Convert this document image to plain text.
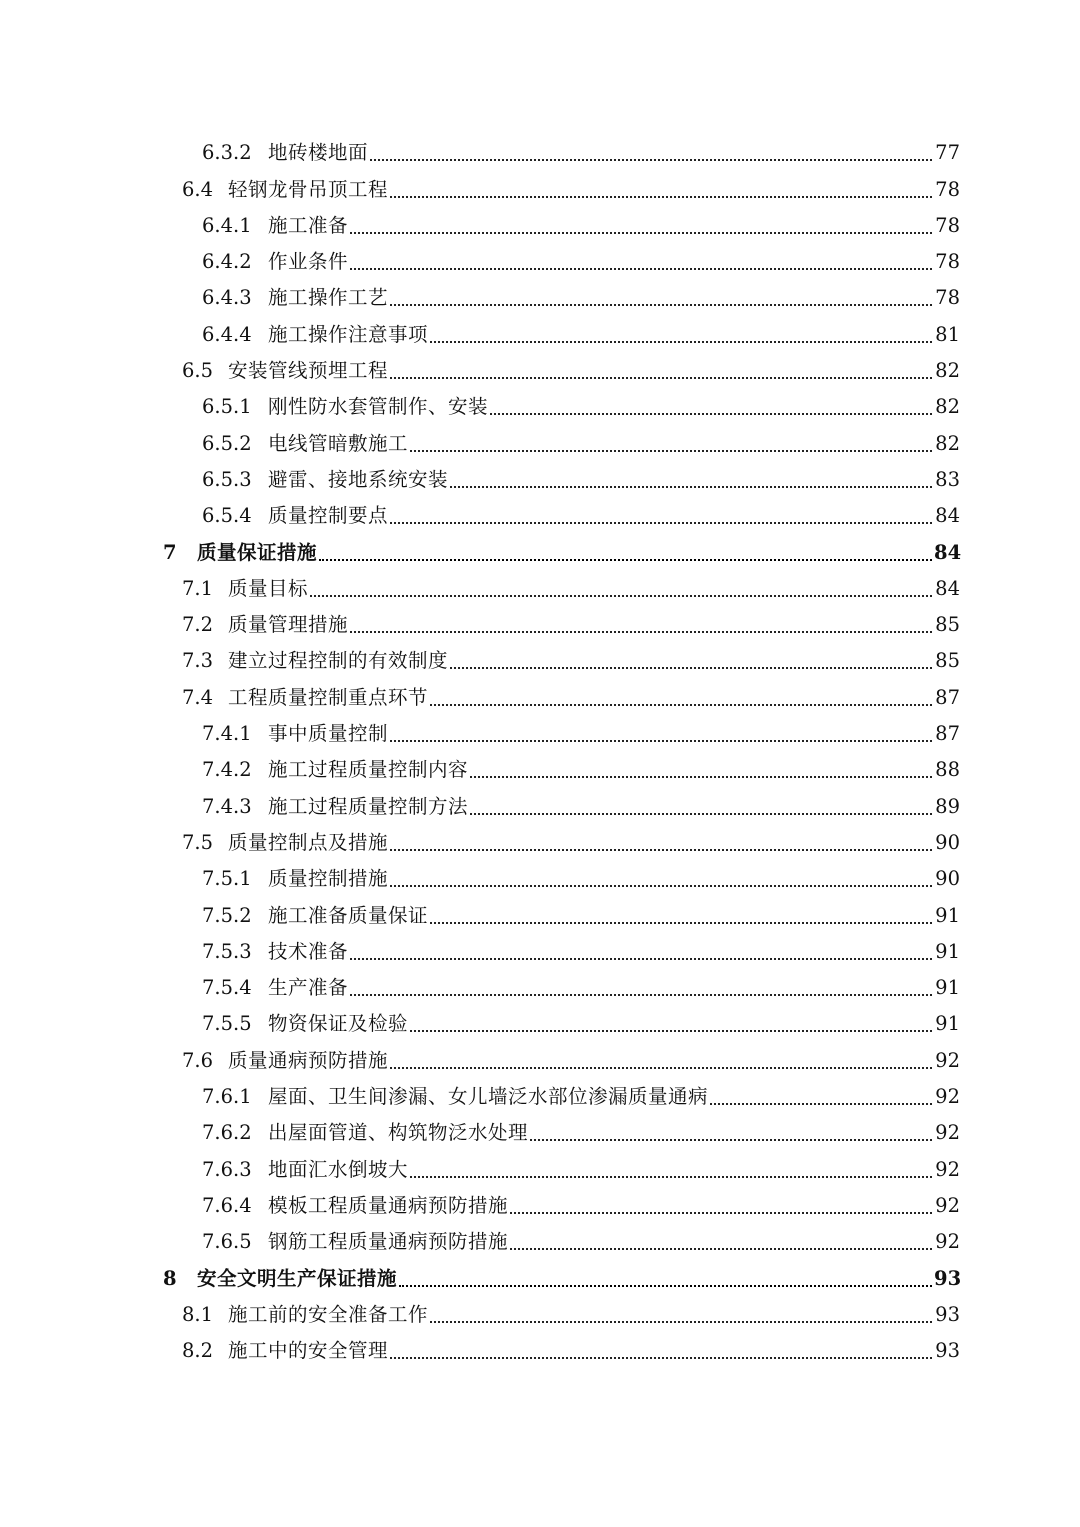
6.3.2 地砖楼地面	77
6.4 轻钢龙骨吊顶工程	78
6.4.1 施工准备	78
6.4.2 作业条件	78
6.4.3 施工操作工艺	78
6.4.4 施工操作注意事项	81
6.5 安装管线预埋工程	82
6.5.1 刚性防水套管制作、安装	82
6.5.2 电线管暗敷施工	82
6.5.3 避雷、接地系统安装	83
6.5.4 质量控制要点	84
7	质量保证措施	84
7.1 质量目标	84
7.2 质量管理措施	85
7.3 建立过程控制的有效制度	85
7.4 工程质量控制重点环节	87
7.4.1 事中质量控制	87
7.4.2 施工过程质量控制内容	88
7.4.3 施工过程质量控制方法	89
7.5 质量控制点及措施	90
7.5.1 质量控制措施	90
7.5.2 施工准备质量保证	91
7.5.3 技术准备	91
7.5.4 生产准备	91
7.5.5 物资保证及检验	91
7.6 质量通病预防措施	92
7.6.1 屋面、卫生间渗漏、女儿墙泛水部位渗漏质量通病	92
7.6.2 出屋面管道、构筑物泛水处理	92
7.6.3 地面汇水倒坡大	92
7.6.4 模板工程质量通病预防措施	92
7.6.5 钢筋工程质量通病预防措施	92
8	安全文明生产保证措施	93
8.1 施工前的安全准备工作	93
8.2 施工中的安全管理	93
